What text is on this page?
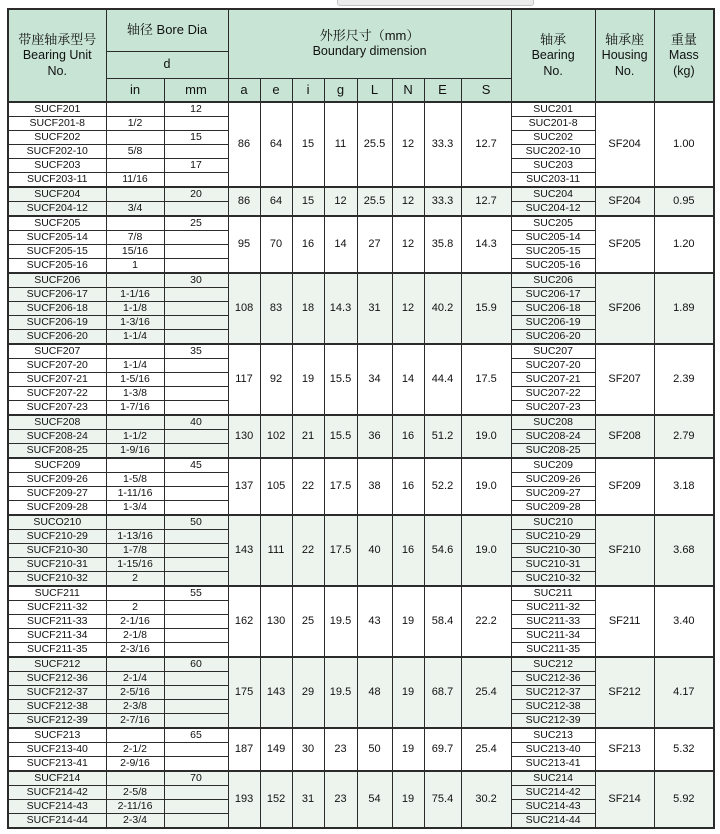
带座轴承型号
Bearing Unit
No.
	轴径 Bore Dia	外形尺寸（mm）
Boundary dimension

轴承
Bearing
No.

轴承座
Housing
No.

重量
Mass
(kg)

	d												
	in	mm	a	e	i	g	L	N	E	S			
SUCF201		12	86	64	15	11	25.5	12	33.3	12.7	SUC201	SF204	1.00
SUCF201-8	1/2										SUC201-8		
SUCF202		15									SUC202		
SUCF202-10	5/8										SUC202-10		
SUCF203		17									SUC203		
SUCF203-11	11/16										SUC203-11		
SUCF204		20	86	64	15	12	25.5	12	33.3	12.7	SUC204	SF204	0.95
SUCF204-12	3/4										SUC204-12		
SUCF205		25	95	70	16	14	27	12	35.8	14.3	SUC205	SF205	1.20
SUCF205-14	7/8										SUC205-14		
SUCF205-15	15/16										SUC205-15		
SUCF205-16	1										SUC205-16		
SUCF206		30	108	83	18	14.3	31	12	40.2	15.9	SUC206	SF206	1.89
SUCF206-17	1-1/16										SUC206-17		
SUCF206-18	1-1/8										SUC206-18		
SUCF206-19	1-3/16										SUC206-19		
SUCF206-20	1-1/4										SUC206-20		
SUCF207		35	117	92	19	15.5	34	14	44.4	17.5	SUC207	SF207	2.39
SUCF207-20	1-1/4										SUC207-20		
SUCF207-21	1-5/16										SUC207-21		
SUCF207-22	1-3/8										SUC207-22		
SUCF207-23	1-7/16										SUC207-23		
SUCF208		40	130	102	21	15.5	36	16	51.2	19.0	SUC208	SF208	2.79
SUCF208-24	1-1/2										SUC208-24		
SUCF208-25	1-9/16										SUC208-25		
SUCF209		45	137	105	22	17.5	38	16	52.2	19.0	SUC209	SF209	3.18
SUCF209-26	1-5/8										SUC209-26		
SUCF209-27	1-11/16										SUC209-27		
SUCF209-28	1-3/4										SUC209-28		
SUCO210		50	143	111	22	17.5	40	16	54.6	19.0	SUC210	SF210	3.68
SUCF210-29	1-13/16										SUC210-29		
SUCF210-30	1-7/8										SUC210-30		
SUCF210-31	1-15/16										SUC210-31		
SUCF210-32	2										SUC210-32		
SUCF211		55	162	130	25	19.5	43	19	58.4	22.2	SUC211	SF211	3.40
SUCF211-32	2										SUC211-32		
SUCF211-33	2-1/16										SUC211-33		
SUCF211-34	2-1/8										SUC211-34		
SUCF211-35	2-3/16										SUC211-35		
SUCF212		60	175	143	29	19.5	48	19	68.7	25.4	SUC212	SF212	4.17
SUCF212-36	2-1/4										SUC212-36		
SUCF212-37	2-5/16										SUC212-37		
SUCF212-38	2-3/8										SUC212-38		
SUCF212-39	2-7/16										SUC212-39		
SUCF213		65	187	149	30	23	50	19	69.7	25.4	SUC213	SF213	5.32
SUCF213-40	2-1/2										SUC213-40		
SUCF213-41	2-9/16										SUC213-41		
SUCF214		70	193	152	31	23	54	19	75.4	30.2	SUC214	SF214	5.92
SUCF214-42	2-5/8										SUC214-42		
SUCF214-43	2-11/16										SUC214-43		
SUCF214-44	2-3/4										SUC214-44		
